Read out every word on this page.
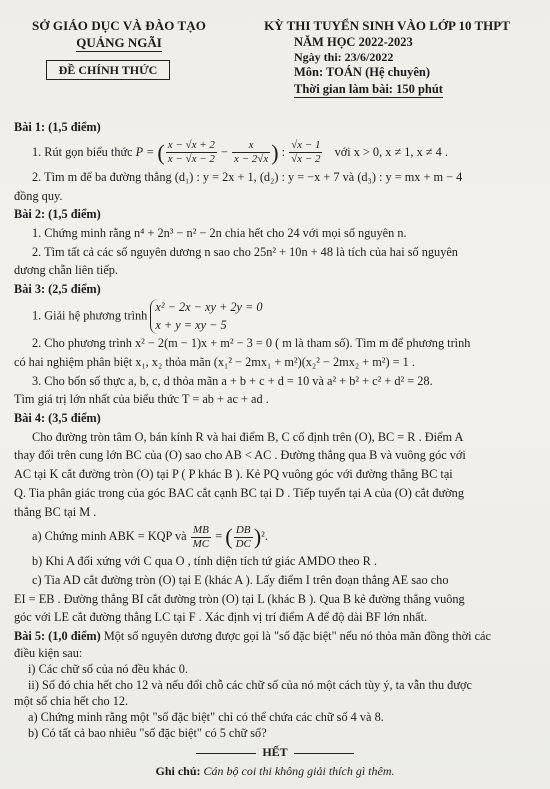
SỞ GIÁO DỤC VÀ ĐÀO TẠO
QUẢNG NGÃI
ĐỀ CHÍNH THỨC
KỲ THI TUYỂN SINH VÀO LỚP 10 THPT
NĂM HỌC 2022-2023
Ngày thi: 23/6/2022
Môn: TOÁN (Hệ chuyên)
Thời gian làm bài: 150 phút

Bài 1: (1,5 điểm)

1. Rút gọn biểu thức P = ( $\frac{x - √x + 2}{x - √x - 2} - \frac{x}{x - 2√x}$ ) : $\frac{√x - 1}{√x - 2}$ với x > 0, x ≠ 1, x ≠ 4 .

2. Tìm m để ba đường thẳng (d₁) : y = 2x + 1, (d₂) : y = −x + 7 và (d₃) : y = mx + m − 4

đồng quy.

Bài 2: (1,5 điểm)

1. Chứng minh rằng n⁴ + 2n³ − n² − 2n chia hết cho 24 với mọi số nguyên n.

2. Tìm tất cả các số nguyên dương n sao cho 25n² + 10n + 48 là tích của hai số nguyên

dương chẵn liên tiếp.

Bài 3: (2,5 điểm)

1. Giải hệ phương trình
x² − 2x − xy + 2y = 0
x + y = xy − 5

2. Cho phương trình x² − 2(m − 1)x + m² − 3 = 0 ( m là tham số). Tìm m để phương trình

có hai nghiệm phân biệt x₁, x₂ thỏa mãn (x₁² − 2mx₁ + m²)(x₂² − 2mx₂ + m²) = 1 .

3. Cho bốn số thực a, b, c, d thỏa mãn a + b + c + d = 10 và a² + b² + c² + d² = 28.

Tìm giá trị lớn nhất của biểu thức T = ab + ac + ad .

Bài 4: (3,5 điểm)

Cho đường tròn tâm O, bán kính R và hai điểm B, C cố định trên (O), BC = R . Điểm A

thay đổi trên cung lớn BC của (O) sao cho AB < AC . Đường thẳng qua B và vuông góc với

AC tại K cắt đường tròn (O) tại P ( P khác B ). Kẻ PQ vuông góc với đường thẳng BC tại

Q. Tia phân giác trong của góc BAC cắt cạnh BC tại D . Tiếp tuyến tại A của (O) cắt đường

thẳng BC tại M .

a) Chứng minh ABK = KQP và $\frac{MB}{MC}$ = ( $\frac{DB}{DC} )^2$.

b) Khi A đối xứng với C qua O , tính diện tích tứ giác AMDO theo R .

c) Tia AD cắt đường tròn (O) tại E (khác A ). Lấy điểm I trên đoạn thẳng AE sao cho

EI = EB . Đường thẳng BI cắt đường tròn (O) tại L (khác B ). Qua B kẻ đường thẳng vuông

góc với LE cắt đường thẳng LC tại F . Xác định vị trí điểm A để độ dài BF lớn nhất.

Bài 5: (1,0 điểm) Một số nguyên dương được gọi là "số đặc biệt" nếu nó thỏa mãn đồng thời các

điều kiện sau:

i) Các chữ số của nó đều khác 0.

ii) Số đó chia hết cho 12 và nếu đổi chỗ các chữ số của nó một cách tùy ý, ta vẫn thu được

một số chia hết cho 12.

a) Chứng minh rằng một "số đặc biệt" chỉ có thể chứa các chữ số 4 và 8.

b) Có tất cả bao nhiêu "số đặc biệt" có 5 chữ số?

HẾT
Ghi chú: Cán bộ coi thi không giải thích gì thêm.
